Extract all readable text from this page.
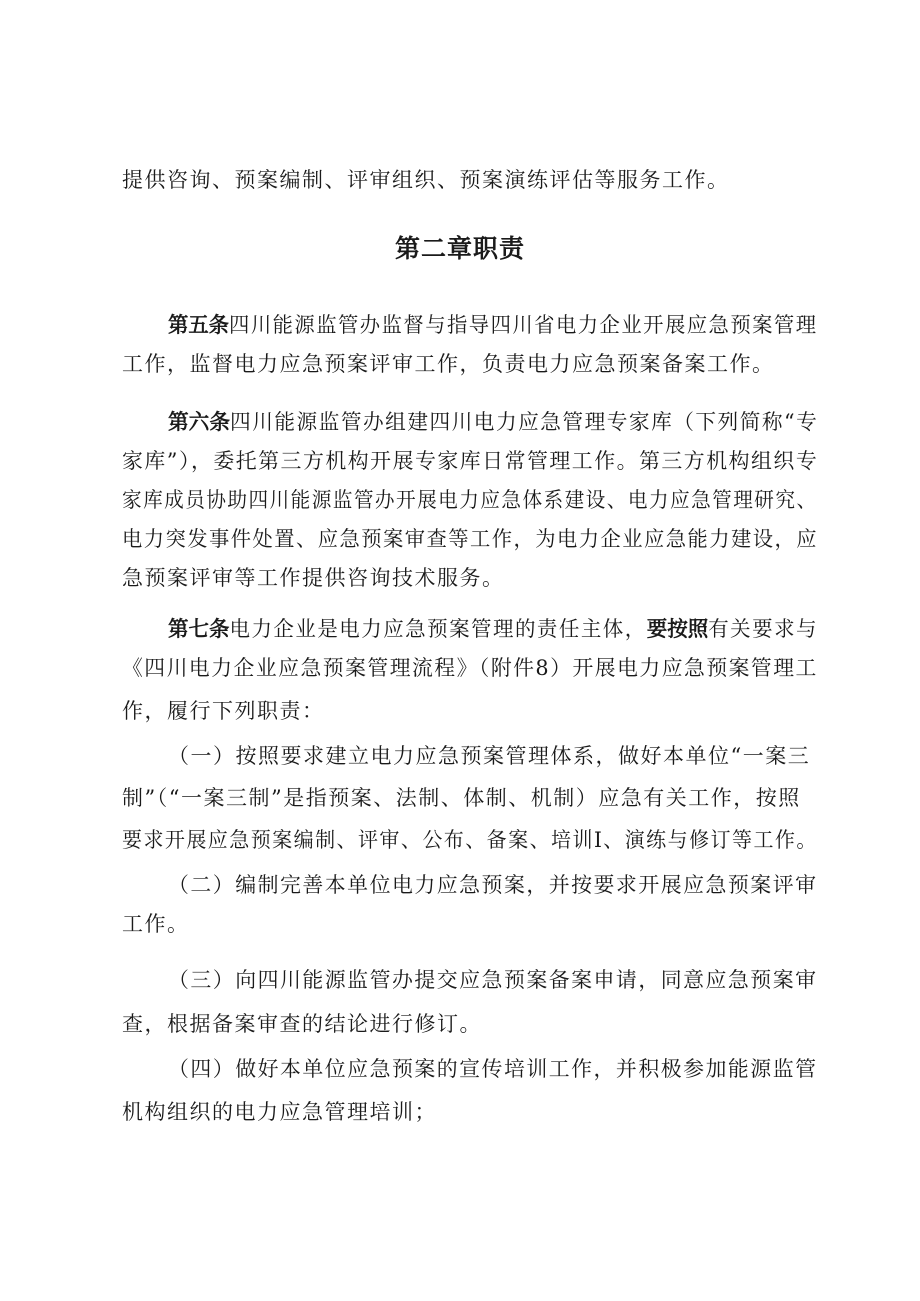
提供咨询、预案编制、评审组织、预案演练评估等服务工作。

第二章职责

第五条四川能源监管办监督与指导四川省电力企业开展应急预案管理

工作，监督电力应急预案评审工作，负责电力应急预案备案工作。

第六条四川能源监管办组建四川电力应急管理专家库（下列简称“专

家库”），委托第三方机构开展专家库日常管理工作。第三方机构组织专

家库成员协助四川能源监管办开展电力应急体系建设、电力应急管理研究、

电力突发事件处置、应急预案审查等工作，为电力企业应急能力建设，应

急预案评审等工作提供咨询技术服务。

第七条电力企业是电力应急预案管理的责任主体，要按照有关要求与

《四川电力企业应急预案管理流程》（附件8）开展电力应急预案管理工

作，履行下列职责：

（一）按照要求建立电力应急预案管理体系，做好本单位“一案三

制”（“一案三制”是指预案、法制、体制、机制）应急有关工作，按照

要求开展应急预案编制、评审、公布、备案、培训I、演练与修订等工作。

（二）编制完善本单位电力应急预案，并按要求开展应急预案评审

工作。

（三）向四川能源监管办提交应急预案备案申请，同意应急预案审

查，根据备案审查的结论进行修订。

（四）做好本单位应急预案的宣传培训工作，并积极参加能源监管

机构组织的电力应急管理培训；
